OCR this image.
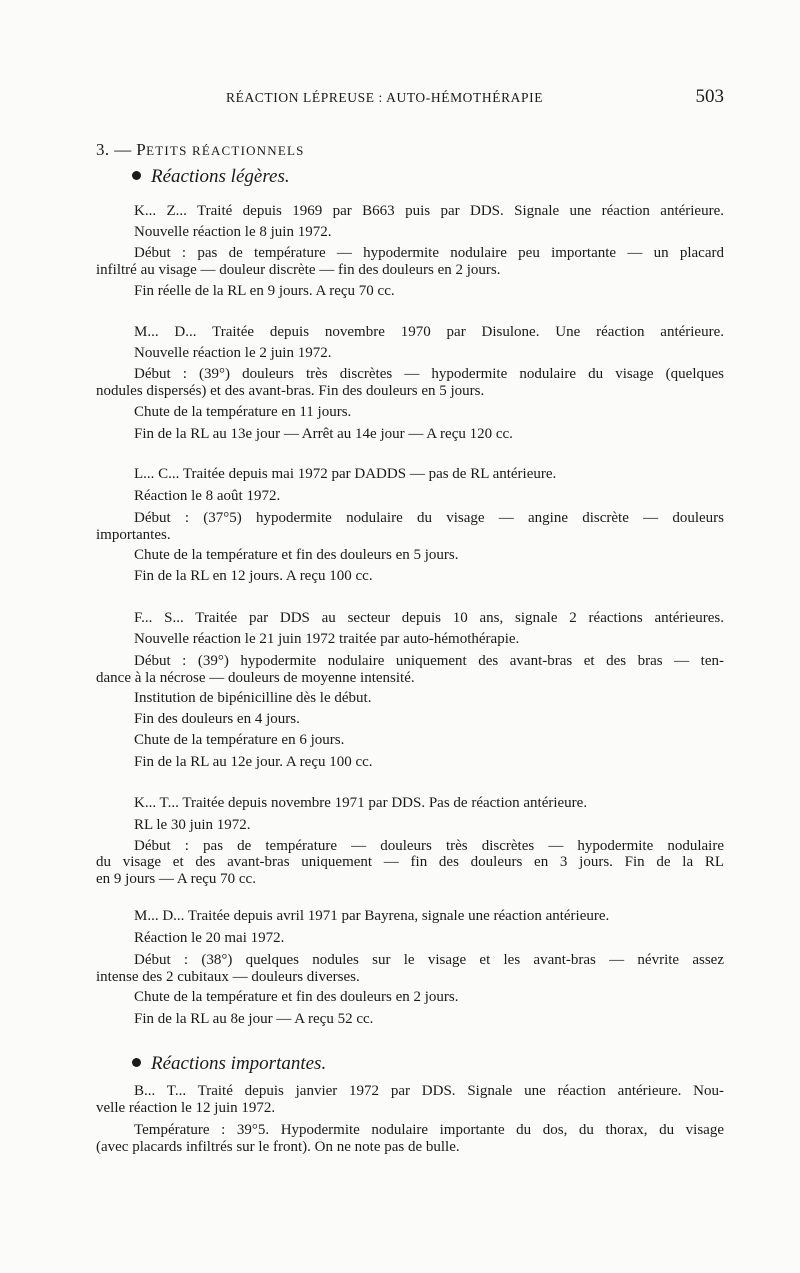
RÉACTION LÉPREUSE : AUTO-HÉMOTHÉRAPIE	503
3. — PETITS RÉACTIONNELS
Réactions légères.
K... Z... Traité depuis 1969 par B663 puis par DDS. Signale une réaction antérieure.
Nouvelle réaction le 8 juin 1972.
Début : pas de température — hypodermite nodulaire peu importante — un placard
infiltré au visage — douleur discrète — fin des douleurs en 2 jours.
Fin réelle de la RL en 9 jours. A reçu 70 cc.
M... D... Traitée depuis novembre 1970 par Disulone. Une réaction antérieure.
Nouvelle réaction le 2 juin 1972.
Début : (39°) douleurs très discrètes — hypodermite nodulaire du visage (quelques
nodules dispersés) et des avant-bras. Fin des douleurs en 5 jours.
Chute de la température en 11 jours.
Fin de la RL au 13e jour — Arrêt au 14e jour — A reçu 120 cc.
L... C... Traitée depuis mai 1972 par DADDS — pas de RL antérieure.
Réaction le 8 août 1972.
Début : (37°5) hypodermite nodulaire du visage — angine discrète — douleurs
importantes.
Chute de la température et fin des douleurs en 5 jours.
Fin de la RL en 12 jours. A reçu 100 cc.
F... S... Traitée par DDS au secteur depuis 10 ans, signale 2 réactions antérieures.
Nouvelle réaction le 21 juin 1972 traitée par auto-hémothérapie.
Début : (39°) hypodermite nodulaire uniquement des avant-bras et des bras — ten-
dance à la nécrose — douleurs de moyenne intensité.
Institution de bipénicilline dès le début.
Fin des douleurs en 4 jours.
Chute de la température en 6 jours.
Fin de la RL au 12e jour. A reçu 100 cc.
K... T... Traitée depuis novembre 1971 par DDS. Pas de réaction antérieure.
RL le 30 juin 1972.
Début : pas de température — douleurs très discrètes — hypodermite nodulaire
du visage et des avant-bras uniquement — fin des douleurs en 3 jours. Fin de la RL
en 9 jours — A reçu 70 cc.
M... D... Traitée depuis avril 1971 par Bayrena, signale une réaction antérieure.
Réaction le 20 mai 1972.
Début : (38°) quelques nodules sur le visage et les avant-bras — névrite assez
intense des 2 cubitaux — douleurs diverses.
Chute de la température et fin des douleurs en 2 jours.
Fin de la RL au 8e jour — A reçu 52 cc.
B... T... Traité depuis janvier 1972 par DDS. Signale une réaction antérieure. Nou-
velle réaction le 12 juin 1972.
Température : 39°5. Hypodermite nodulaire importante du dos, du thorax, du visage
(avec placards infiltrés sur le front). On ne note pas de bulle.
Réactions importantes.
